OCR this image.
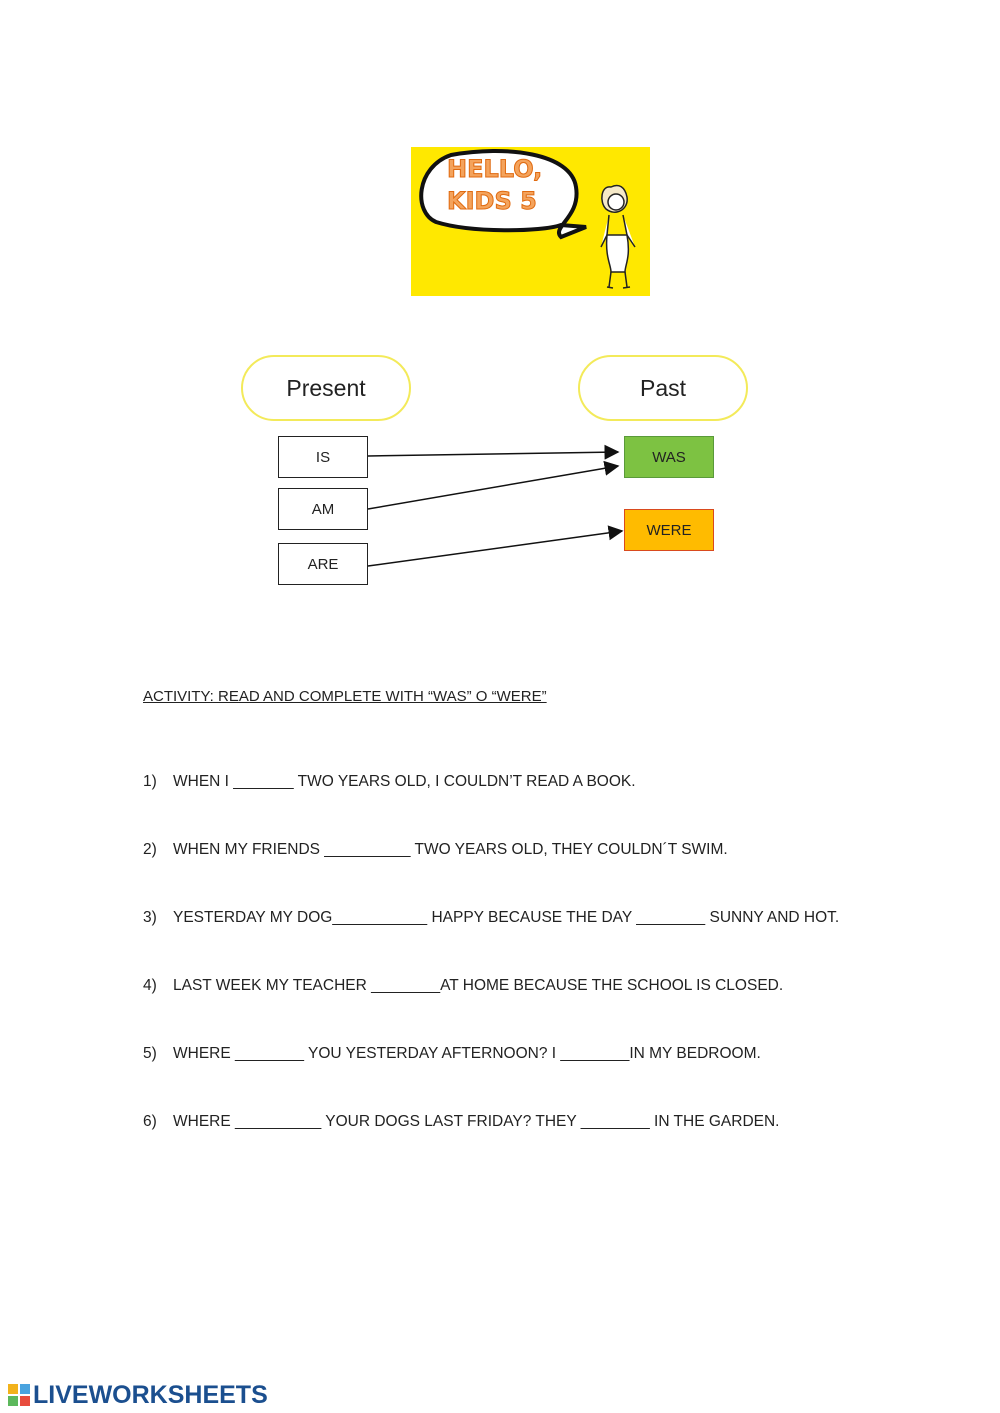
HELLO,
KIDS 5
Present	Past
IS
AM
ARE
WAS
WERE
ACTIVITY: READ AND COMPLETE WITH “WAS” O “WERE”
1) WHEN I _______ TWO YEARS OLD, I COULDN’T READ A BOOK.
2) WHEN MY FRIENDS __________ TWO YEARS OLD, THEY COULDN´T SWIM.
3) YESTERDAY MY DOG___________ HAPPY BECAUSE THE DAY ________ SUNNY AND HOT.
4) LAST WEEK MY TEACHER ________AT HOME BECAUSE THE SCHOOL IS CLOSED.
5) WHERE ________ YOU YESTERDAY AFTERNOON? I ________IN MY BEDROOM.
6) WHERE __________ YOUR DOGS LAST FRIDAY? THEY ________ IN THE GARDEN.
LIVEWORKSHEETS
